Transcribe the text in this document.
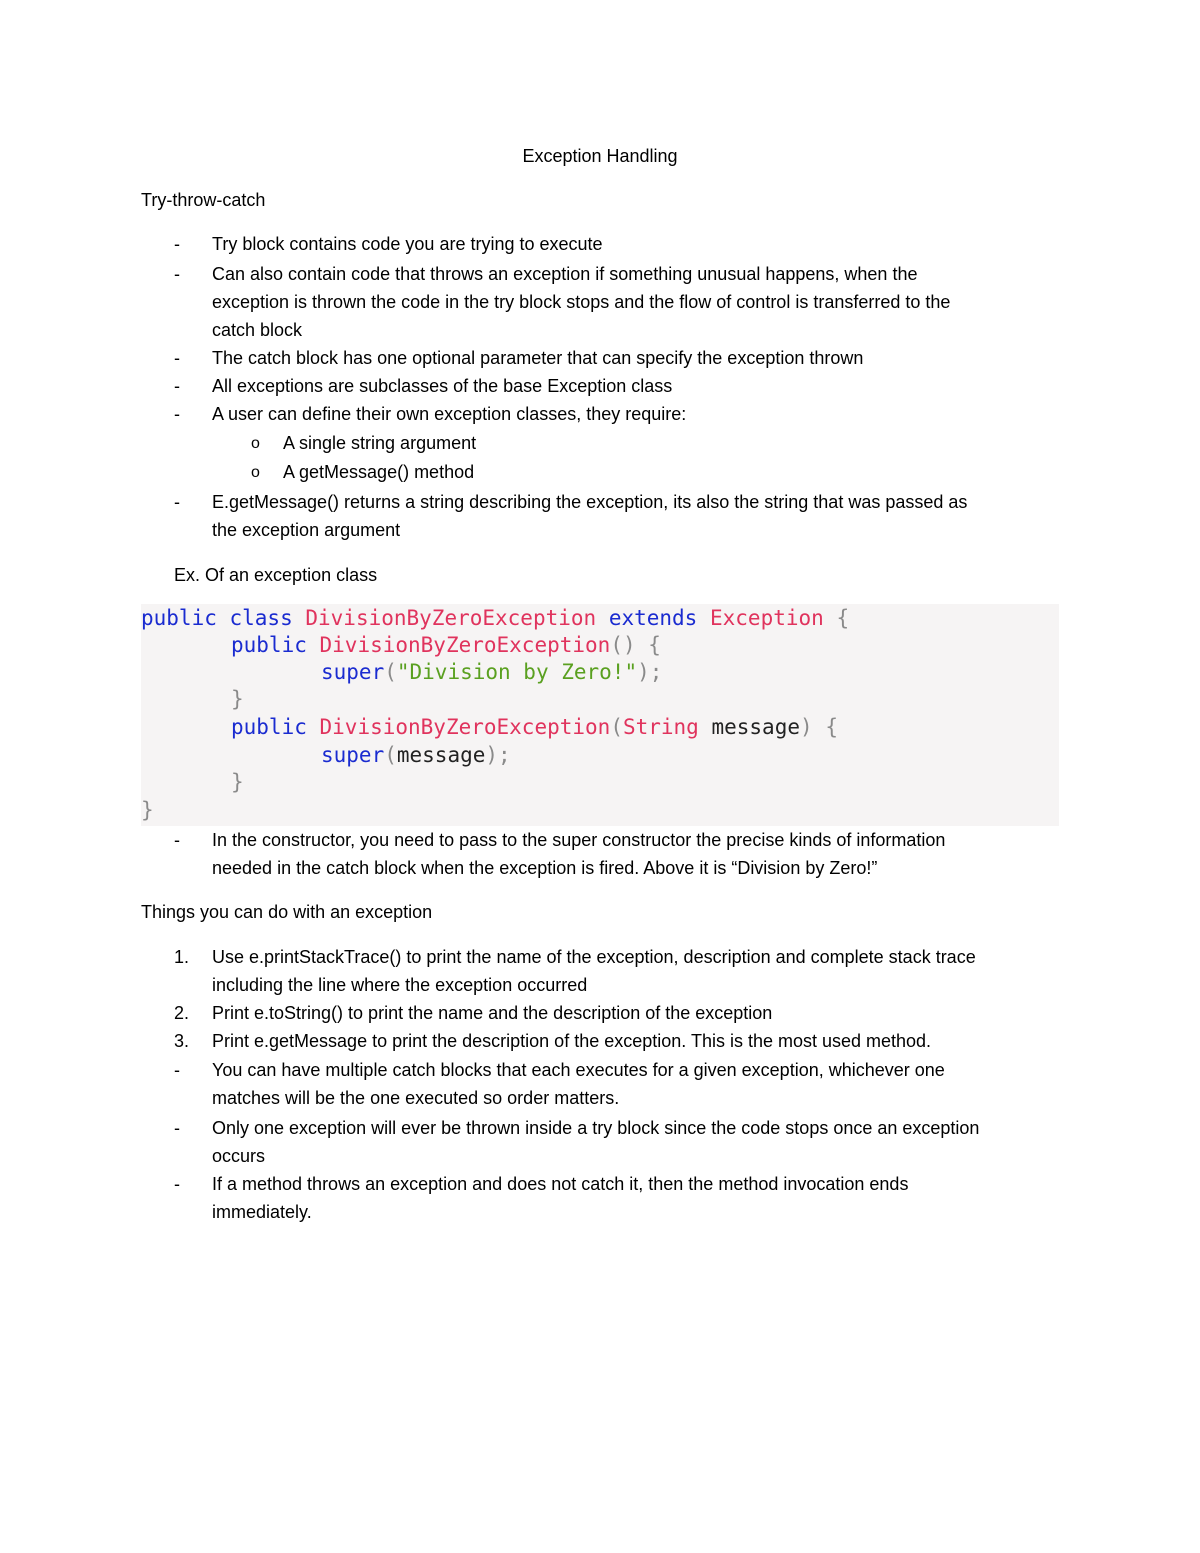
Exception Handling
Try-throw-catch
- Try block contains code you are trying to execute
- Can also contain code that throws an exception if something unusual happens, when the
exception is thrown the code in the try block stops and the flow of control is transferred to the
catch block
- The catch block has one optional parameter that can specify the exception thrown
- All exceptions are subclasses of the base Exception class
- A user can define their own exception classes, they require:
o A single string argument
o A getMessage() method
- E.getMessage() returns a string describing the exception, its also the string that was passed as
the exception argument
Ex. Of an exception class
public class DivisionByZeroException extends Exception {
public DivisionByZeroException() {
super("Division by Zero!");
}
public DivisionByZeroException(String message) {
super(message);
}
}
- In the constructor, you need to pass to the super constructor the precise kinds of information
needed in the catch block when the exception is fired. Above it is “Division by Zero!”
Things you can do with an exception
1. Use e.printStackTrace() to print the name of the exception, description and complete stack trace
including the line where the exception occurred
2. Print e.toString() to print the name and the description of the exception
3. Print e.getMessage to print the description of the exception. This is the most used method.
- You can have multiple catch blocks that each executes for a given exception, whichever one
matches will be the one executed so order matters.
- Only one exception will ever be thrown inside a try block since the code stops once an exception
occurs
- If a method throws an exception and does not catch it, then the method invocation ends
immediately.
